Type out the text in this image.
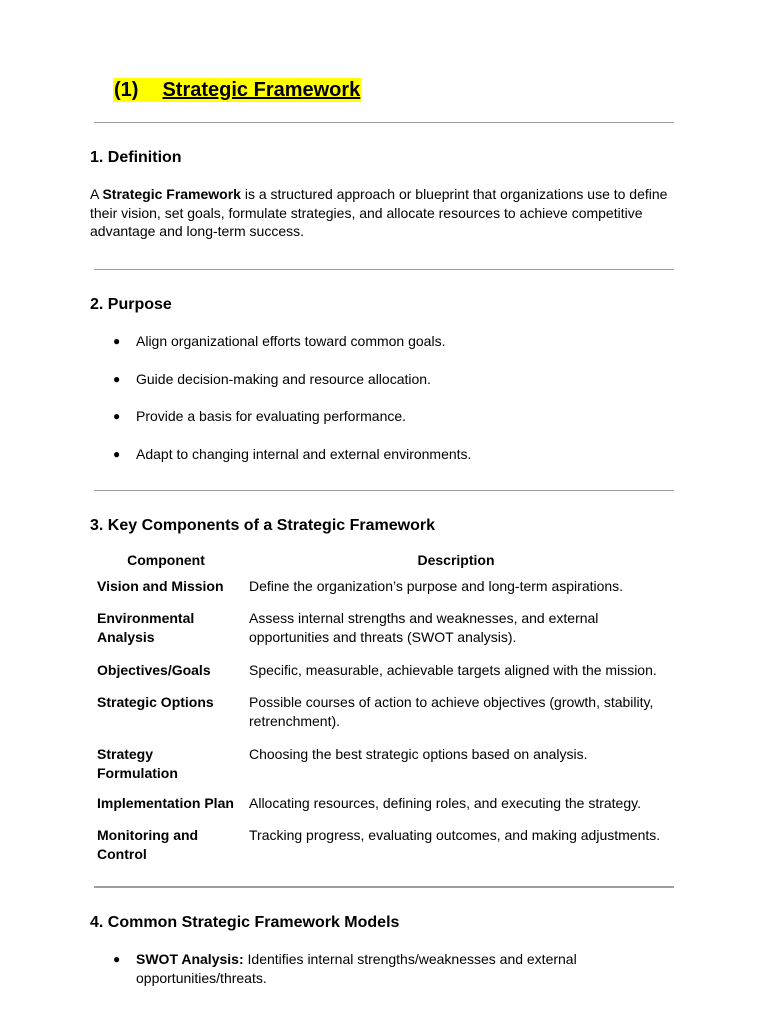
(1) Strategic Framework
1. Definition
A Strategic Framework is a structured approach or blueprint that organizations use to define their vision, set goals, formulate strategies, and allocate resources to achieve competitive advantage and long-term success.
2. Purpose
● Align organizational efforts toward common goals.
● Guide decision-making and resource allocation.
● Provide a basis for evaluating performance.
● Adapt to changing internal and external environments.
3. Key Components of a Strategic Framework
Component	Description
Vision and Mission	Define the organization’s purpose and long-term aspirations.
Environmental Analysis	Assess internal strengths and weaknesses, and external opportunities and threats (SWOT analysis).
Objectives/Goals	Specific, measurable, achievable targets aligned with the mission.
Strategic Options	Possible courses of action to achieve objectives (growth, stability, retrenchment).
Strategy Formulation	Choosing the best strategic options based on analysis.
Implementation Plan	Allocating resources, defining roles, and executing the strategy.
Monitoring and Control	Tracking progress, evaluating outcomes, and making adjustments.
4. Common Strategic Framework Models
● SWOT Analysis: Identifies internal strengths/weaknesses and external opportunities/threats.
